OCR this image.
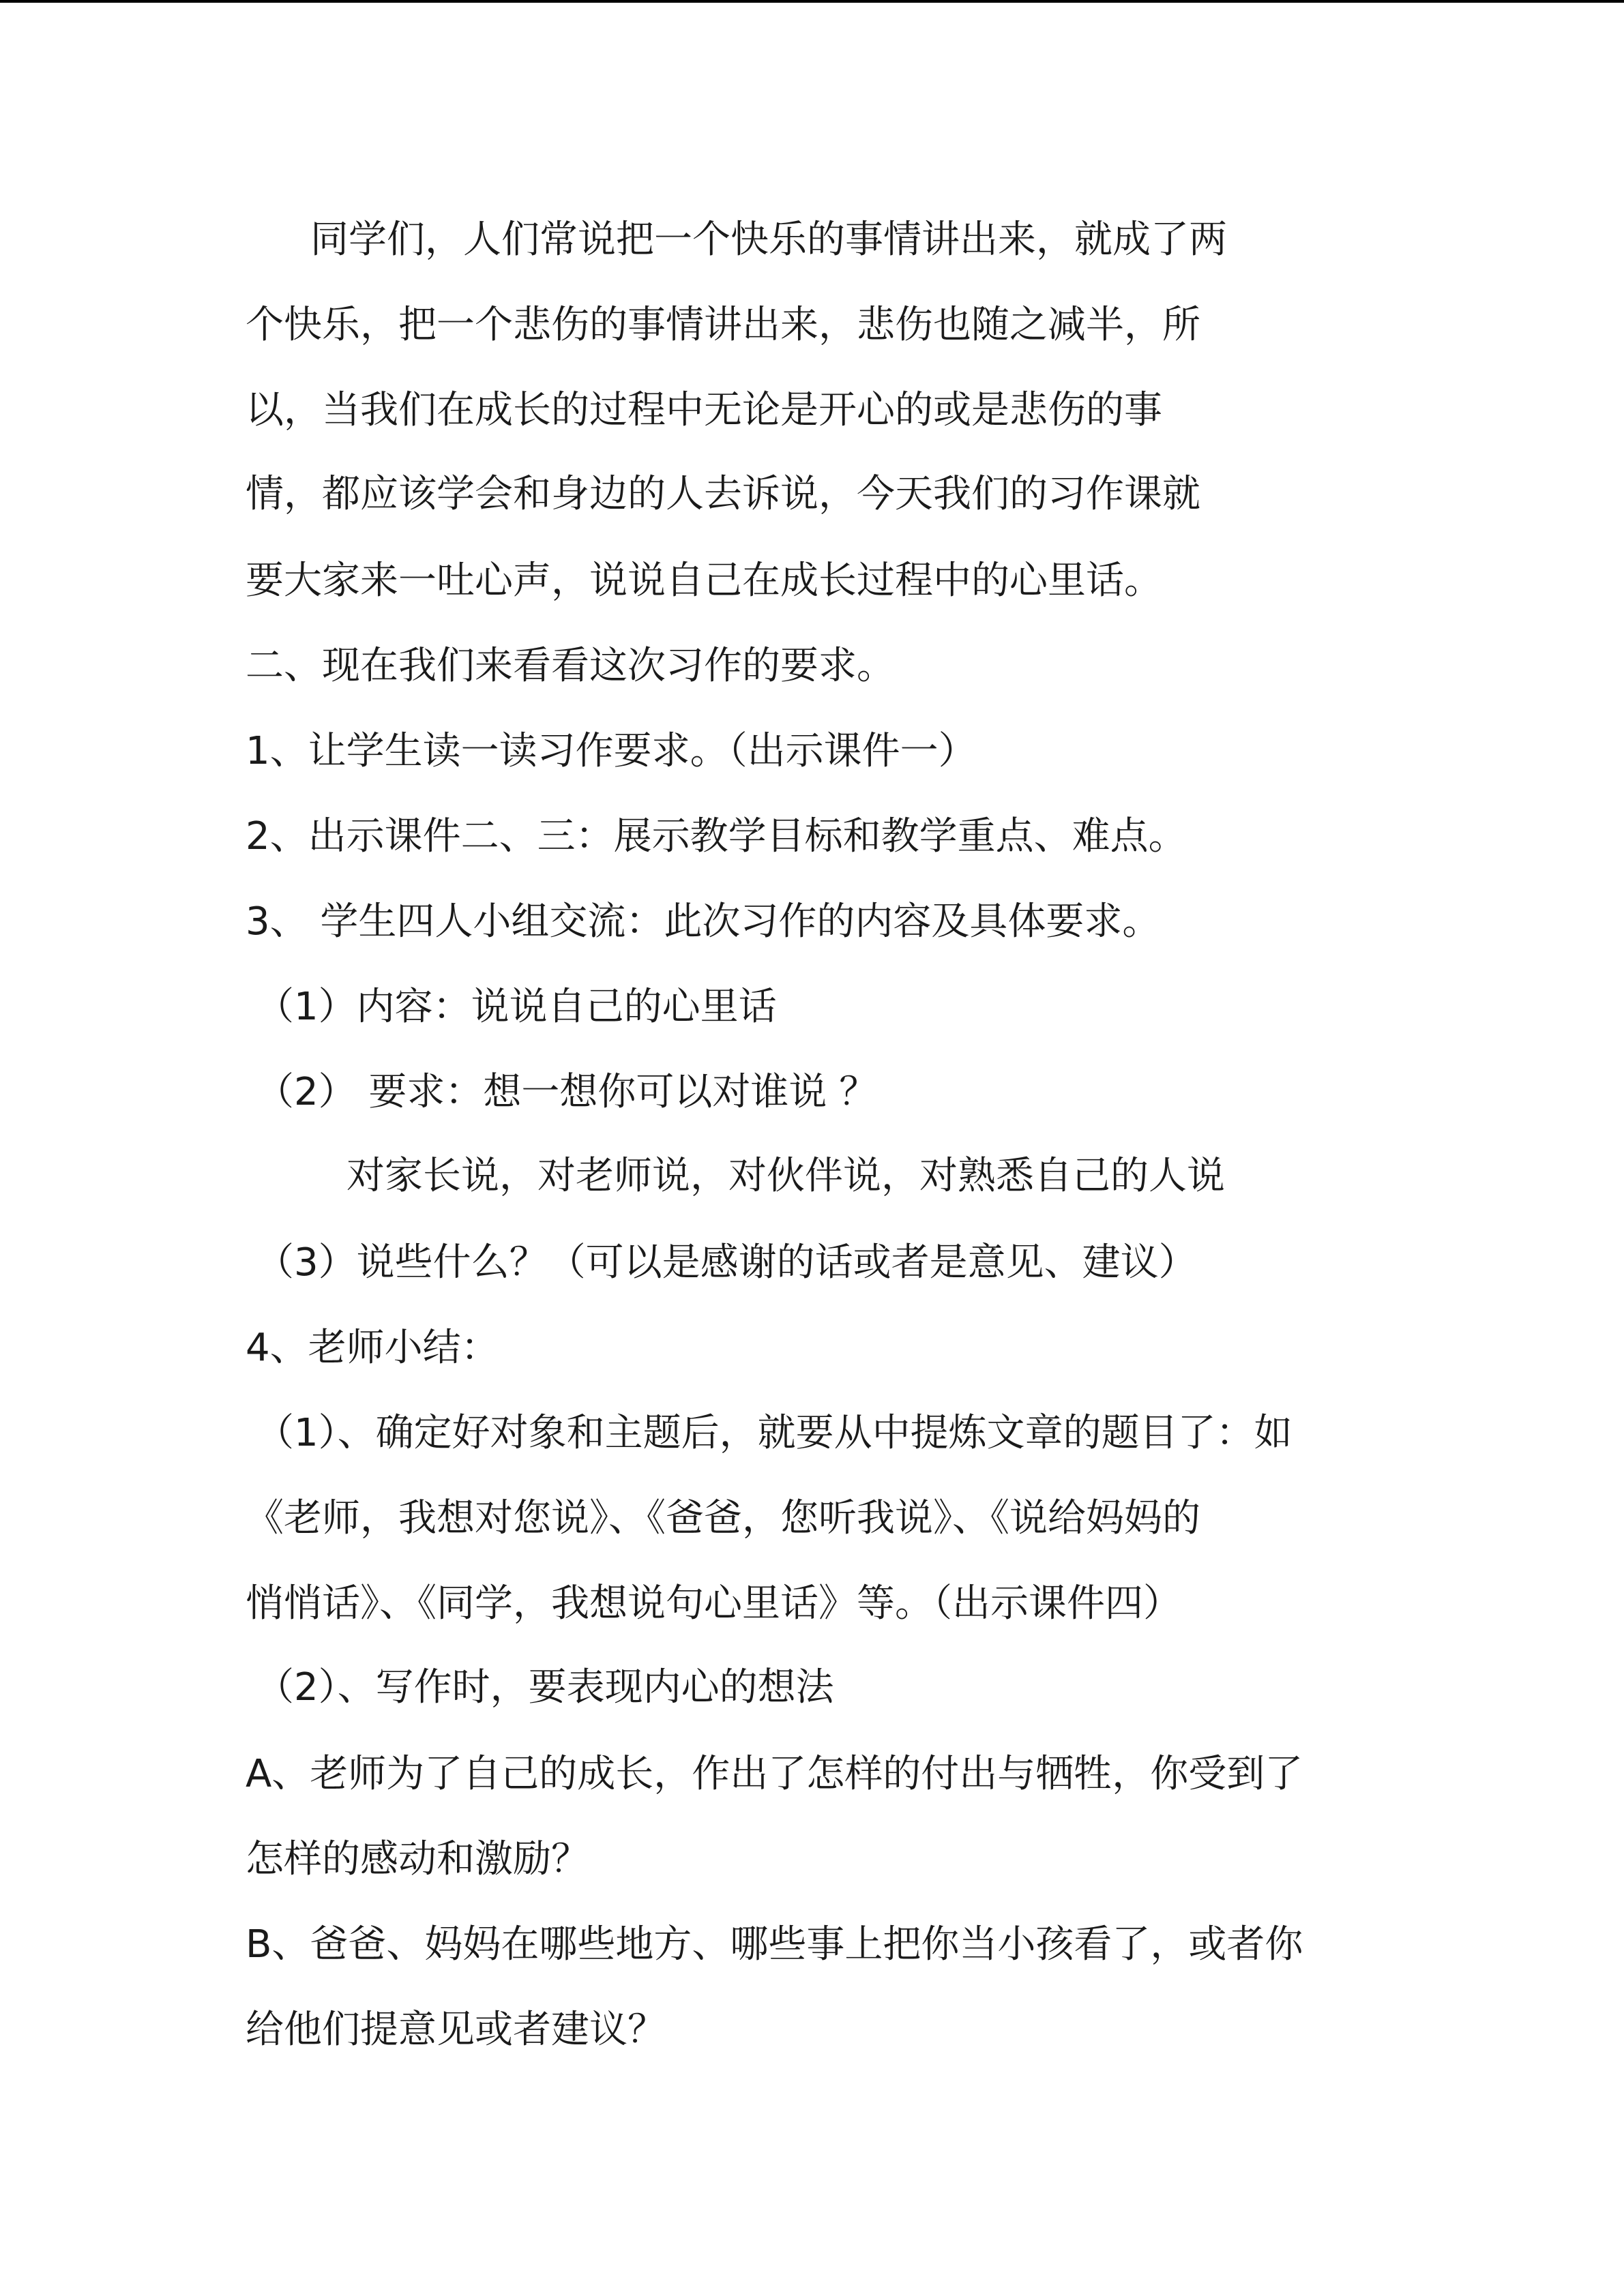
同学们，人们常说把一个快乐的事情讲出来，就成了两
个快乐，把一个悲伤的事情讲出来，悲伤也随之减半，所
以，当我们在成长的过程中无论是开心的或是悲伤的事
情，都应该学会和身边的人去诉说，今天我们的习作课就
要大家来一吐心声，说说自己在成长过程中的心里话。
二、现在我们来看看这次习作的要求。
1、让学生读一读习作要求。（出示课件一）
2、出示课件二、三：展示教学目标和教学重点、难点。
3、 学生四人小组交流：此次习作的内容及具体要求。
（1）内容：说说自己的心里话
（2） 要求：想一想你可以对谁说 ？
对家长说，对老师说，对伙伴说，对熟悉自己的人说
（3）说些什么？（可以是感谢的话或者是意见、建议）
4、老师小结：
（1）、确定好对象和主题后，就要从中提炼文章的题目了：如
《老师，我想对您说》、《爸爸，您听我说》、《说给妈妈的
悄悄话》、《同学，我想说句心里话》等。（出示课件四）
（2）、写作时，要表现内心的想法
A、老师为了自己的成长，作出了怎样的付出与牺牲，你受到了
怎样的感动和激励？
B、爸爸、妈妈在哪些地方、哪些事上把你当小孩看了，或者你
给他们提意见或者建议？
